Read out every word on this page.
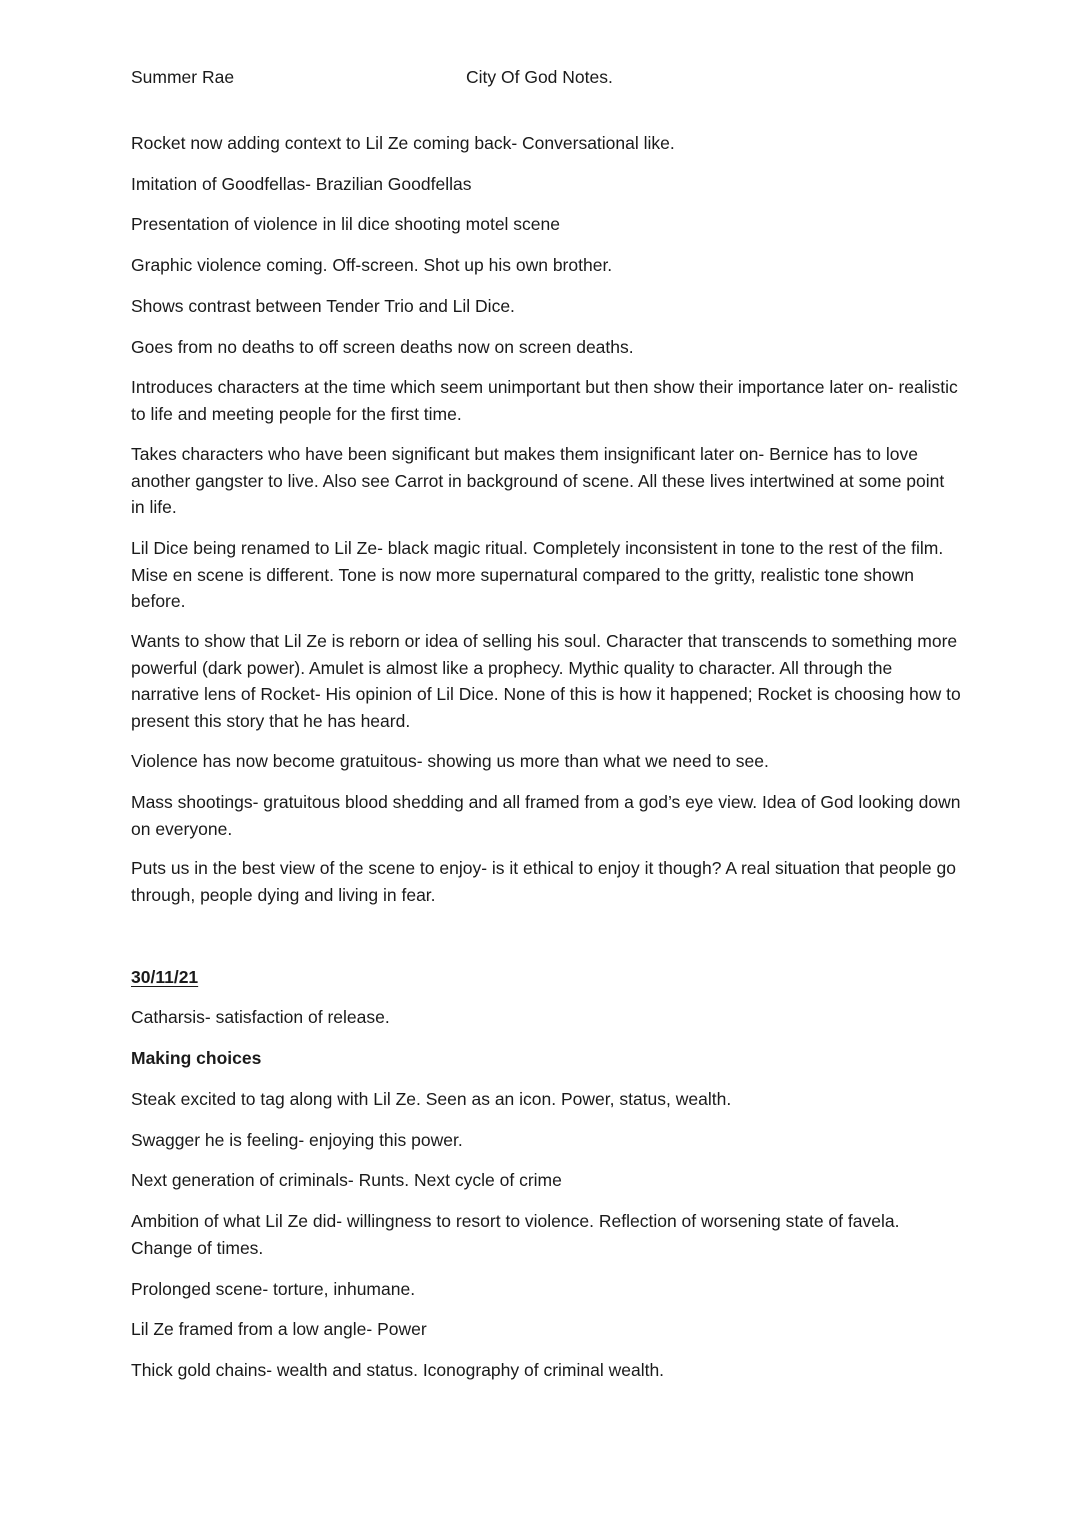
Summer Rae	City Of God Notes.

Rocket now adding context to Lil Ze coming back- Conversational like.

Imitation of Goodfellas- Brazilian Goodfellas

Presentation of violence in lil dice shooting motel scene

Graphic violence coming. Off-screen. Shot up his own brother.

Shows contrast between Tender Trio and Lil Dice.

Goes from no deaths to off screen deaths now on screen deaths.

Introduces characters at the time which seem unimportant but then show their importance later on- realistic to life and meeting people for the first time.

Takes characters who have been significant but makes them insignificant later on- Bernice has to love another gangster to live. Also see Carrot in background of scene. All these lives intertwined at some point in life.

Lil Dice being renamed to Lil Ze- black magic ritual. Completely inconsistent in tone to the rest of the film. Mise en scene is different. Tone is now more supernatural compared to the gritty, realistic tone shown before.

Wants to show that Lil Ze is reborn or idea of selling his soul. Character that transcends to something more powerful (dark power). Amulet is almost like a prophecy. Mythic quality to character. All through the narrative lens of Rocket- His opinion of Lil Dice. None of this is how it happened; Rocket is choosing how to present this story that he has heard.

Violence has now become gratuitous- showing us more than what we need to see.

Mass shootings- gratuitous blood shedding and all framed from a god’s eye view. Idea of God looking down on everyone.

Puts us in the best view of the scene to enjoy- is it ethical to enjoy it though? A real situation that people go through, people dying and living in fear.

30/11/21

Catharsis- satisfaction of release.

Making choices

Steak excited to tag along with Lil Ze. Seen as an icon. Power, status, wealth.

Swagger he is feeling- enjoying this power.

Next generation of criminals- Runts. Next cycle of crime

Ambition of what Lil Ze did- willingness to resort to violence. Reflection of worsening state of favela. Change of times.

Prolonged scene- torture, inhumane.

Lil Ze framed from a low angle- Power

Thick gold chains- wealth and status. Iconography of criminal wealth.
